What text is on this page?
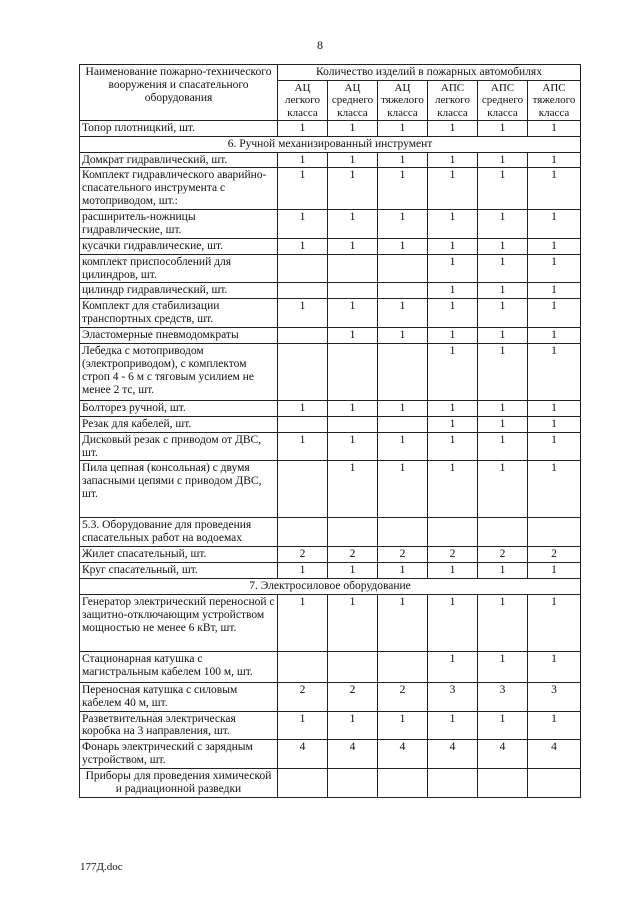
8
Наименование пожарно-технического вооружения и спасательного оборудования	Количество изделий в пожарных автомобилях					
	АЦ легкого класса	АЦ среднего класса	АЦ тяжелого класса	АПС легкого класса	АПС среднего класса	АПС тяжелого класса
Топор плотницкий, шт.	1	1	1	1	1	1
6. Ручной механизированный инструмент						
Домкрат гидравлический, шт.	1	1	1	1	1	1
Комплект гидравлического аварийно-спасательного инструмента с мотоприводом, шт.:	1	1	1	1	1	1
расширитель-ножницы гидравлические, шт.	1	1	1	1	1	1
кусачки гидравлические, шт.	1	1	1	1	1	1
комплект приспособлений для цилиндров, шт.				1	1	1
цилиндр гидравлический, шт.				1	1	1
Комплект для стабилизации транспортных средств, шт.	1	1	1	1	1	1
Эластомерные пневмодомкраты		1	1	1	1	1
Лебедка с мотоприводом (электроприводом), с комплектом строп 4 - 6 м с тяговым усилием не менее 2 тс, шт.				1	1	1
Болторез ручной, шт.	1	1	1	1	1	1
Резак для кабелей, шт.				1	1	1
Дисковый резак с приводом от ДВС, шт.	1	1	1	1	1	1
Пила цепная (консольная) с двумя запасными цепями с приводом ДВС, шт.		1	1	1	1	1
5.3. Оборудование для проведения спасательных работ на водоемах						
Жилет спасательный, шт.	2	2	2	2	2	2
Круг спасательный, шт.	1	1	1	1	1	1
7. Электросиловое оборудование						
Генератор электрический переносной с защитно-отключающим устройством мощностью не менее 6 кВт, шт.	1	1	1	1	1	1
Стационарная катушка с магистральным кабелем 100 м, шт.				1	1	1
Переносная катушка с силовым кабелем 40 м, шт.	2	2	2	3	3	3
Разветвительная электрическая коробка на 3 направления, шт.	1	1	1	1	1	1
Фонарь электрический с зарядным устройством, шт.	4	4	4	4	4	4
Приборы для проведения химической и радиационной разведки						
177Д.doc
